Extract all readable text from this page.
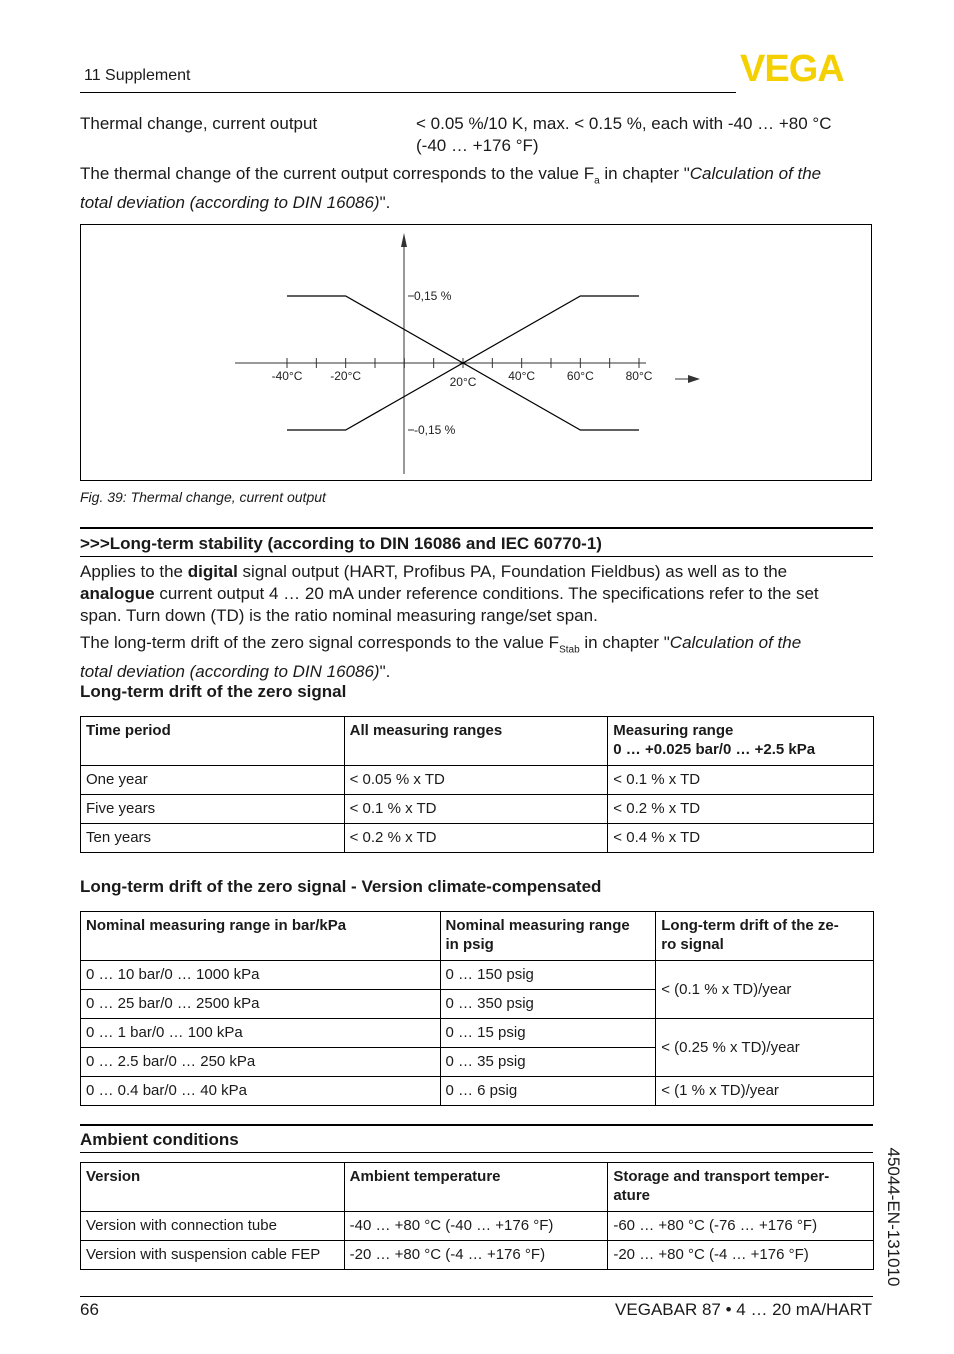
11 Supplement	VEGA
Thermal change, current output	< 0.05 %/10 K, max. < 0.15 %, each with -40 … +80 °C
(-40 … +176 °F)
The thermal change of the current output corresponds to the value $F_a$ in chapter "Calculation of the
total deviation (according to DIN 16086)".
-40°C -20°C	20°C	40°C	60°C	80°C
0,15 %
-0,15 %
Fig. 39: Thermal change, current output
>>>Long-term stability (according to DIN 16086 and IEC 60770-1)
Applies to the digital signal output (HART, Profibus PA, Foundation Fieldbus) as well as to the
analogue current output 4 … 20 mA under reference conditions. The specifications refer to the set
span. Turn down (TD) is the ratio nominal measuring range/set span.
The long-term drift of the zero signal corresponds to the value $F_{Stab}$ in chapter "Calculation of the
total deviation (according to DIN 16086)".
Long-term drift of the zero signal
Time period	All measuring ranges	Measuring range
0 … +0.025 bar/0 … +2.5 kPa
One year	< 0.05 % x TD	< 0.1 % x TD
Five years	< 0.1 % x TD	< 0.2 % x TD
Ten years	< 0.2 % x TD	< 0.4 % x TD
Long-term drift of the zero signal - Version climate-compensated
Nominal measuring range in bar/kPa	Nominal measuring range
in psig	Long-term drift of the ze-
ro signal
0 … 10 bar/0 … 1000 kPa	0 … 150 psig	< (0.1 % x TD)/year
0 … 25 bar/0 … 2500 kPa	0 … 350 psig	
0 … 1 bar/0 … 100 kPa	0 … 15 psig	< (0.25 % x TD)/year
0 … 2.5 bar/0 … 250 kPa	0 … 35 psig	
0 … 0.4 bar/0 … 40 kPa	0 … 6 psig	< (1 % x TD)/year
Ambient conditions
Version	Ambient temperature	Storage and transport temper-
ature
Version with connection tube	-40 … +80 °C (-40 … +176 °F)	-60 … +80 °C (-76 … +176 °F)
Version with suspension cable FEP	-20 … +80 °C (-4 … +176 °F)	-20 … +80 °C (-4 … +176 °F)	45044-EN-131010
66	VEGABAR 87 • 4 … 20 mA/HART
